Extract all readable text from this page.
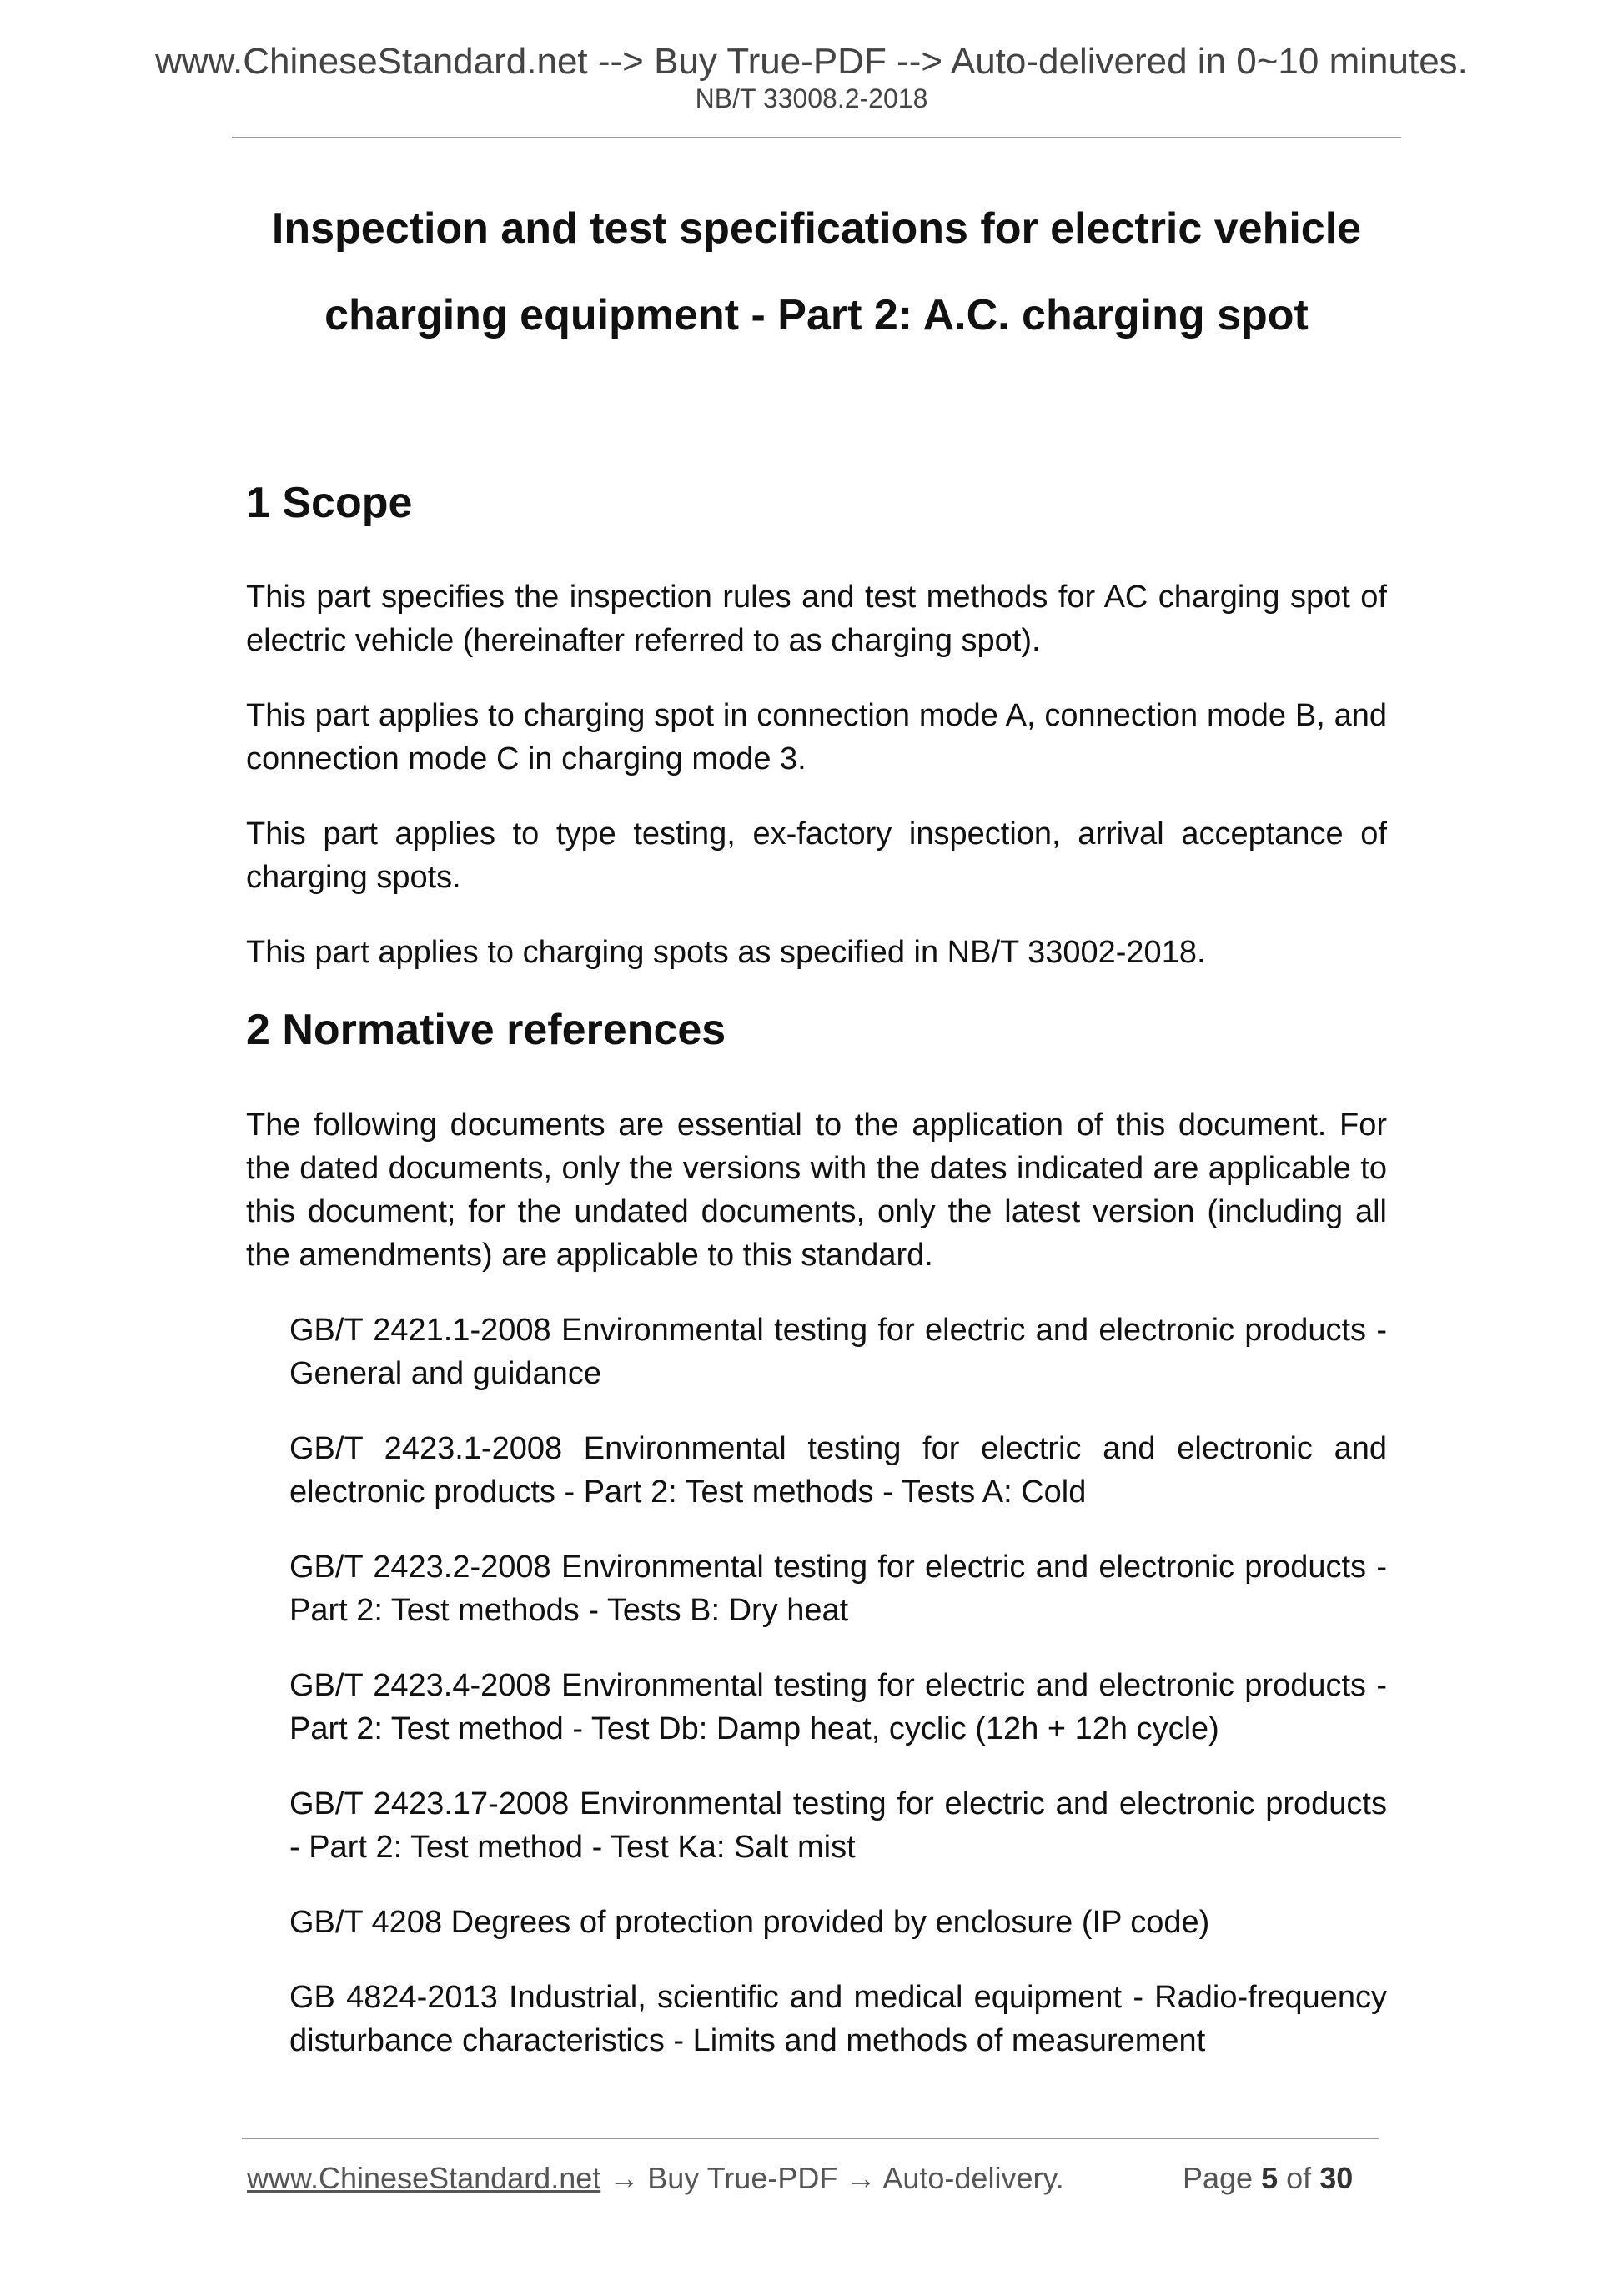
www.ChineseStandard.net --> Buy True-PDF --> Auto-delivered in 0~10 minutes.
NB/T 33008.2-2018
Inspection and test specifications for electric vehicle
charging equipment - Part 2: A.C. charging spot
1 Scope

This part specifies the inspection rules and test methods for AC charging spot of electric vehicle (hereinafter referred to as charging spot).

This part applies to charging spot in connection mode A, connection mode B, and connection mode C in charging mode 3.

This part applies to type testing, ex-factory inspection, arrival acceptance of charging spots.

This part applies to charging spots as specified in NB/T 33002-2018.

2 Normative references

The following documents are essential to the application of this document. For the dated documents, only the versions with the dates indicated are applicable to this document; for the undated documents, only the latest version (including all the amendments) are applicable to this standard.

GB/T 2421.1-2008 Environmental testing for electric and electronic products - General and guidance

GB/T 2423.1-2008 Environmental testing for electric and electronic and electronic products - Part 2: Test methods - Tests A: Cold

GB/T 2423.2-2008 Environmental testing for electric and electronic products - Part 2: Test methods - Tests B: Dry heat

GB/T 2423.4-2008 Environmental testing for electric and electronic products - Part 2: Test method - Test Db: Damp heat, cyclic (12h + 12h cycle)

GB/T 2423.17-2008 Environmental testing for electric and electronic products - Part 2: Test method - Test Ka: Salt mist

GB/T 4208 Degrees of protection provided by enclosure (IP code)

GB 4824-2013 Industrial, scientific and medical equipment - Radio-frequency disturbance characteristics - Limits and methods of measurement

www.ChineseStandard.net → Buy True-PDF → Auto-delivery.	Page 5 of 30
